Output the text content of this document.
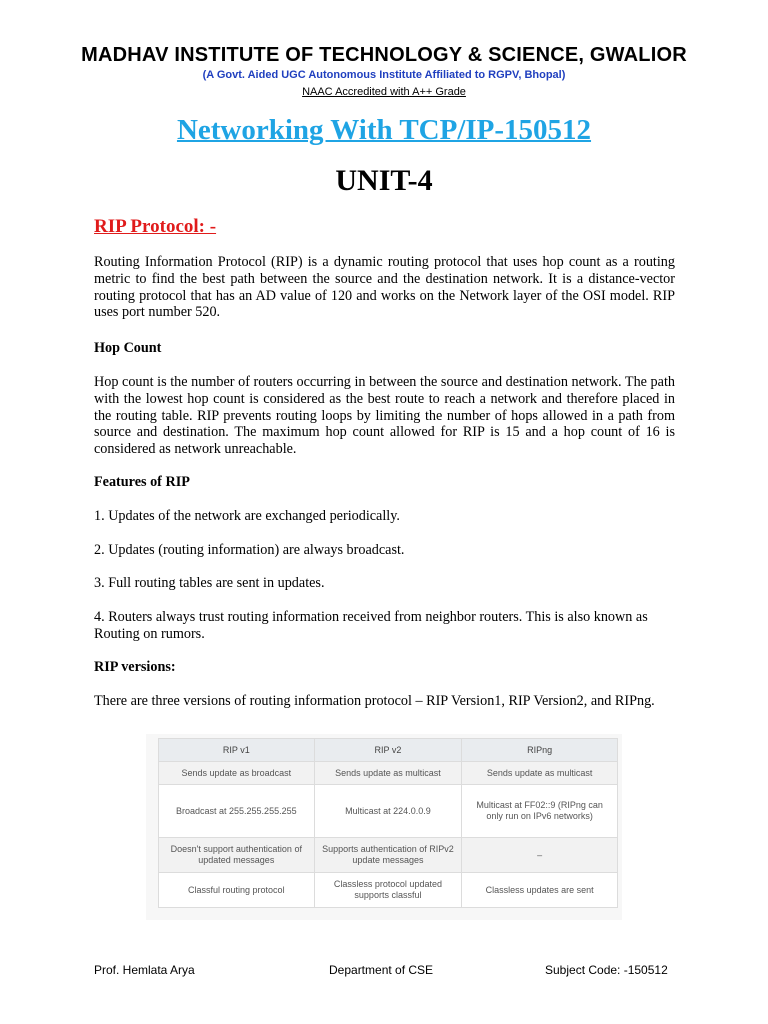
MADHAV INSTITUTE OF TECHNOLOGY & SCIENCE, GWALIOR
(A Govt. Aided UGC Autonomous Institute Affiliated to RGPV, Bhopal)
NAAC Accredited with A++ Grade
Networking With TCP/IP-150512
UNIT-4
RIP Protocol: -
Routing Information Protocol (RIP) is a dynamic routing protocol that uses hop count as a routing metric to find the best path between the source and the destination network. It is a distance-vector routing protocol that has an AD value of 120 and works on the Network layer of the OSI model. RIP uses port number 520.
Hop Count
Hop count is the number of routers occurring in between the source and destination network. The path with the lowest hop count is considered as the best route to reach a network and therefore placed in the routing table. RIP prevents routing loops by limiting the number of hops allowed in a path from source and destination. The maximum hop count allowed for RIP is 15 and a hop count of 16 is considered as network unreachable.
Features of RIP
1. Updates of the network are exchanged periodically.
2. Updates (routing information) are always broadcast.
3. Full routing tables are sent in updates.
4. Routers always trust routing information received from neighbor routers. This is also known as Routing on rumors.
RIP versions:
There are three versions of routing information protocol – RIP Version1, RIP Version2, and RIPng.
RIP v1	RIP v2	RIPng
Sends update as broadcast	Sends update as multicast	Sends update as multicast
Broadcast at 255.255.255.255	Multicast at 224.0.0.9	Multicast at FF02::9 (RIPng can only run on IPv6 networks)
Doesn't support authentication of updated messages	Supports authentication of RIPv2 update messages	–
Classful routing protocol	Classless protocol updated supports classful	Classless updates are sent
Prof. Hemlata Arya	Department of CSE	Subject Code: -150512
